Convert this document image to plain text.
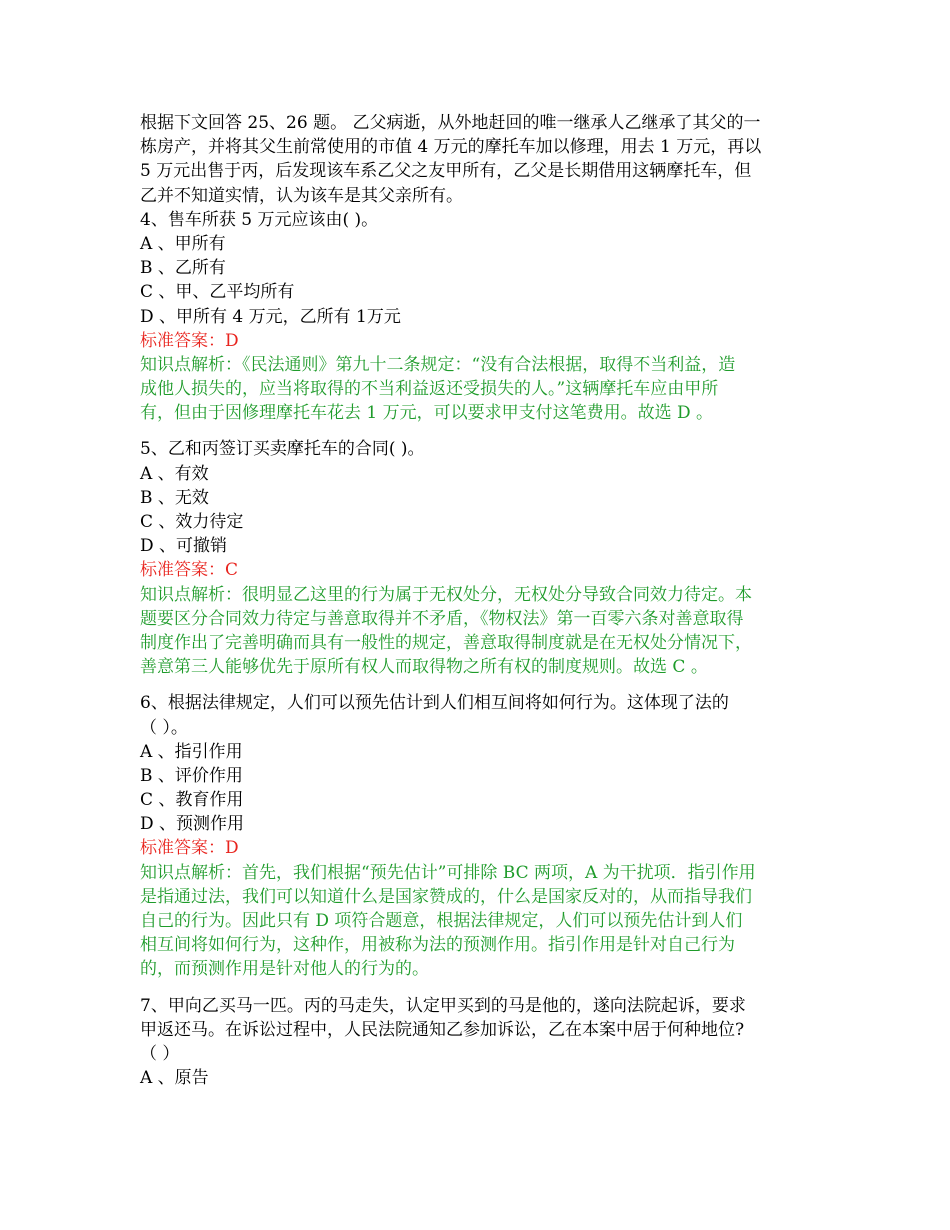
根据下文回答 25、26 题。 乙父病逝，从外地赶回的唯一继承人乙继承了其父的一
栋房产，并将其父生前常使用的市值 4 万元的摩托车加以修理，用去 1 万元，再以
5 万元出售于丙，后发现该车系乙父之友甲所有，乙父是长期借用这辆摩托车，但
乙并不知道实情，认为该车是其父亲所有。
4、售车所获 5 万元应该由( )。
A 、甲所有
B 、乙所有
C 、甲、乙平均所有
D 、甲所有 4 万元，乙所有 1万元
标准答案：D
知识点解析：《民法通则》第九十二条规定：“没有合法根据，取得不当利益，造
成他人损失的，应当将取得的不当利益返还受损失的人。”这辆摩托车应由甲所
有，但由于因修理摩托车花去 1 万元，可以要求甲支付这笔费用。故选 D 。
5、乙和丙签订买卖摩托车的合同( )。
A 、有效
B 、无效
C 、效力待定
D 、可撤销
标准答案：C
知识点解析：很明显乙这里的行为属于无权处分，无权处分导致合同效力待定。本
题要区分合同效力待定与善意取得并不矛盾，《物权法》第一百零六条对善意取得
制度作出了完善明确而具有一般性的规定，善意取得制度就是在无权处分情况下，
善意第三人能够优先于原所有权人而取得物之所有权的制度规则。故选 C 。
6、根据法律规定，人们可以预先估计到人们相互间将如何行为。这体现了法的
（ ）。
A 、指引作用
B 、评价作用
C 、教育作用
D 、预测作用
标准答案：D
知识点解析：首先，我们根据“预先估计”可排除 BC 两项，A 为干扰项．指引作用
是指通过法，我们可以知道什么是国家赞成的，什么是国家反对的，从而指导我们
自己的行为。因此只有 D 项符合题意，根据法律规定，人们可以预先估计到人们
相互间将如何行为，这种作，用被称为法的预测作用。指引作用是针对自己行为
的，而预测作用是针对他人的行为的。
7、甲向乙买马一匹。丙的马走失，认定甲买到的马是他的，遂向法院起诉，要求
甲返还马。在诉讼过程中，人民法院通知乙参加诉讼，乙在本案中居于何种地位?
（ ）
A 、原告
